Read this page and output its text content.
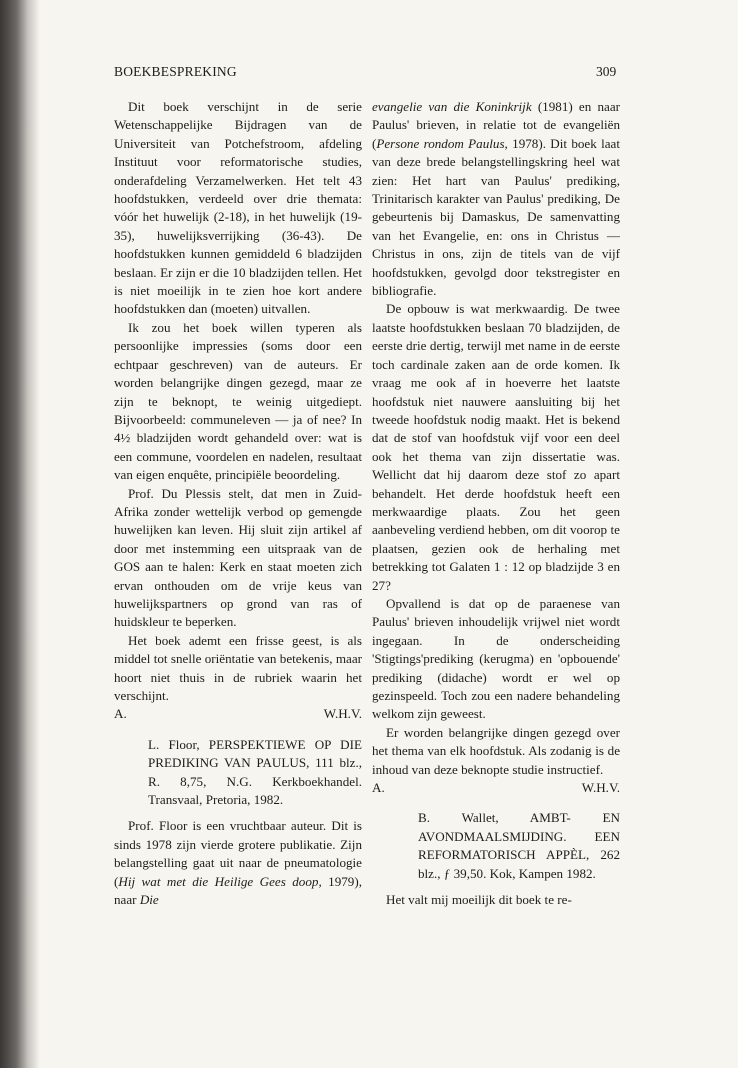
BOEKBESPREKING	309

Dit boek verschijnt in de serie Wetenschappelijke Bijdragen van de Universiteit van Potchefstroom, afdeling Instituut voor reformatorische studies, onderafdeling Verzamelwerken. Het telt 43 hoofdstukken, verdeeld over drie themata: vóór het huwelijk (2-18), in het huwelijk (19-35), huwelijksverrijking (36-43). De hoofdstukken kunnen gemiddeld 6 bladzijden beslaan. Er zijn er die 10 bladzijden tellen. Het is niet moeilijk in te zien hoe kort andere hoofdstukken dan (moeten) uitvallen.

Ik zou het boek willen typeren als persoonlijke impressies (soms door een echtpaar geschreven) van de auteurs. Er worden belangrijke dingen gezegd, maar ze zijn te beknopt, te weinig uitgediept. Bijvoorbeeld: communeleven — ja of nee? In 4½ bladzijden wordt gehandeld over: wat is een commune, voordelen en nadelen, resultaat van eigen enquête, principiële beoordeling.

Prof. Du Plessis stelt, dat men in Zuid-Afrika zonder wettelijk verbod op gemengde huwelijken kan leven. Hij sluit zijn artikel af door met instemming een uitspraak van de GOS aan te halen: Kerk en staat moeten zich ervan onthouden om de vrije keus van huwelijkspartners op grond van ras of huidskleur te beperken.

Het boek ademt een frisse geest, is als middel tot snelle oriëntatie van betekenis, maar hoort niet thuis in de rubriek waarin het verschijnt.

A.	W.H.V.

L. Floor, PERSPEKTIEWE OP DIE PREDIKING VAN PAULUS, 111 blz., R. 8,75, N.G. Kerkboekhandel. Transvaal, Pretoria, 1982.

Prof. Floor is een vruchtbaar auteur. Dit is sinds 1978 zijn vierde grotere publikatie. Zijn belangstelling gaat uit naar de pneumatologie (Hij wat met die Heilige Gees doop, 1979), naar Die

evangelie van die Koninkrijk (1981) en naar Paulus' brieven, in relatie tot de evangeliën (Persone rondom Paulus, 1978). Dit boek laat van deze brede belangstellingskring heel wat zien: Het hart van Paulus' prediking, Trinitarisch karakter van Paulus' prediking, De gebeurtenis bij Damaskus, De samenvatting van het Evangelie, en: ons in Christus — Christus in ons, zijn de titels van de vijf hoofdstukken, gevolgd door tekstregister en bibliografie.

De opbouw is wat merkwaardig. De twee laatste hoofdstukken beslaan 70 bladzijden, de eerste drie dertig, terwijl met name in de eerste toch cardinale zaken aan de orde komen. Ik vraag me ook af in hoeverre het laatste hoofdstuk niet nauwere aansluiting bij het tweede hoofdstuk nodig maakt. Het is bekend dat de stof van hoofdstuk vijf voor een deel ook het thema van zijn dissertatie was. Wellicht dat hij daarom deze stof zo apart behandelt. Het derde hoofdstuk heeft een merkwaardige plaats. Zou het geen aanbeveling verdiend hebben, om dit voorop te plaatsen, gezien ook de herhaling met betrekking tot Galaten 1 : 12 op bladzijde 3 en 27?

Opvallend is dat op de paraenese van Paulus' brieven inhoudelijk vrijwel niet wordt ingegaan. In de onderscheiding 'Stigtings'prediking (kerugma) en 'opbouende' prediking (didache) wordt er wel op gezinspeeld. Toch zou een nadere behandeling welkom zijn geweest.

Er worden belangrijke dingen gezegd over het thema van elk hoofdstuk. Als zodanig is de inhoud van deze beknopte studie instructief.

A.	W.H.V.

B. Wallet, AMBT- EN AVONDMAALSMIJDING. EEN REFORMATORISCH APPÈL, 262 blz., ƒ 39,50. Kok, Kampen 1982.

Het valt mij moeilijk dit boek te re-
